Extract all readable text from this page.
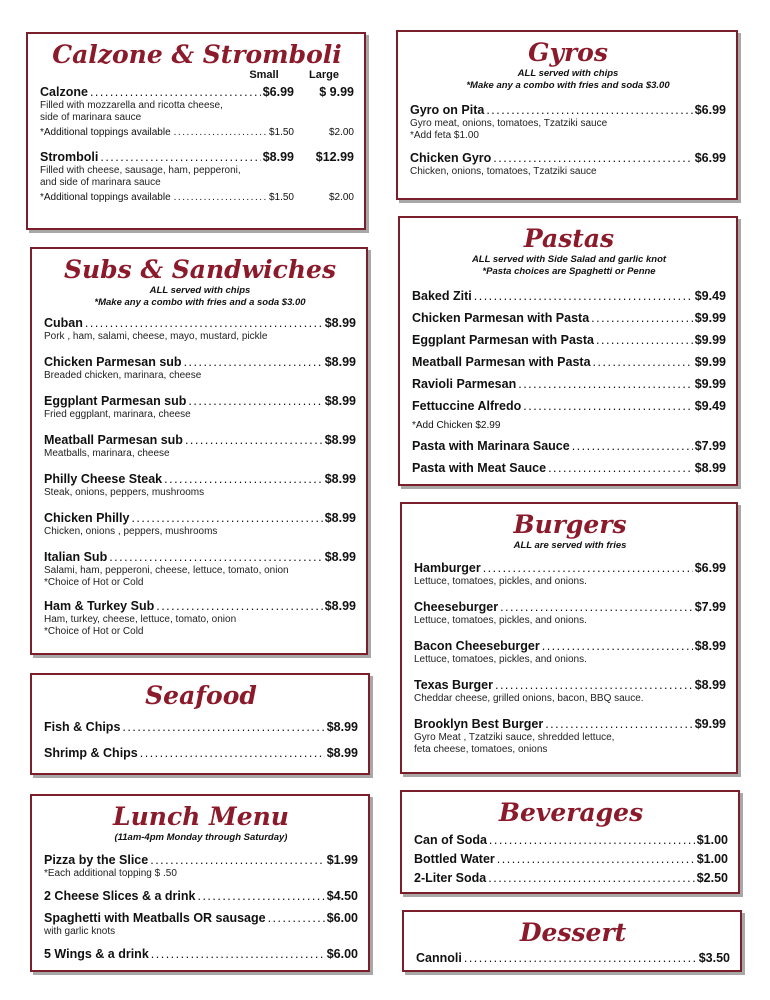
Calzone & Stromboli
Small	Large
Calzone .....	$6.99	$ 9.99
Filled with mozzarella and ricotta cheese,
side of marinara sauce
*Additional toppings available .....	$1.50	$2.00
Stromboli .....	$8.99	$12.99
Filled with cheese, sausage, ham, pepperoni,
and side of marinara sauce
*Additional toppings available .....	$1.50	$2.00
Subs & Sandwiches
ALL served with chips
*Make any a combo with fries and a soda $3.00
Cuban .....	$8.99
Pork , ham, salami, cheese, mayo, mustard, pickle
Chicken Parmesan sub .....	$8.99
Breaded chicken, marinara, cheese
Eggplant Parmesan sub .....	$8.99
Fried eggplant, marinara, cheese
Meatball Parmesan sub .....	$8.99
Meatballs, marinara, cheese
Philly Cheese Steak .....	$8.99
Steak, onions, peppers, mushrooms
Chicken Philly .....	$8.99
Chicken, onions , peppers, mushrooms
Italian Sub .....	$8.99
Salami, ham, pepperoni, cheese, lettuce, tomato, onion
*Choice of Hot or Cold
Ham & Turkey Sub .....	$8.99
Ham, turkey, cheese, lettuce, tomato, onion
*Choice of Hot or Cold
Seafood
Fish & Chips .....	$8.99
Shrimp & Chips .....	$8.99
Lunch Menu
(11am-4pm Monday through Saturday)
Pizza by the Slice .....	$1.99
*Each additional topping $ .50
2 Cheese Slices & a drink .....	$4.50
Spaghetti with Meatballs OR sausage .....	$6.00
with garlic knots
5 Wings & a drink .....	$6.00
Gyros
ALL served with chips
*Make any a combo with fries and soda $3.00
Gyro on Pita .....	$6.99
Gyro meat, onions, tomatoes, Tzatziki sauce
*Add feta $1.00
Chicken Gyro .....	$6.99
Chicken, onions, tomatoes, Tzatziki sauce
Pastas
ALL served with Side Salad and garlic knot
*Pasta choices are Spaghetti or Penne
Baked Ziti .....	$9.49
Chicken Parmesan with Pasta .....	$9.99
Eggplant Parmesan with Pasta .....	$9.99
Meatball Parmesan with Pasta .....	$9.99
Ravioli Parmesan .....	$9.99
Fettuccine Alfredo .....	$9.49
*Add Chicken $2.99
Pasta with Marinara Sauce .....	$7.99
Pasta with Meat Sauce .....	$8.99
Burgers
ALL are served with fries
Hamburger .....	$6.99
Lettuce, tomatoes, pickles, and onions.
Cheeseburger .....	$7.99
Lettuce, tomatoes, pickles, and onions.
Bacon Cheeseburger .....	$8.99
Lettuce, tomatoes, pickles, and onions.
Texas Burger .....	$8.99
Cheddar cheese, grilled onions, bacon, BBQ sauce.
Brooklyn Best Burger .....	$9.99
Gyro Meat , Tzatziki sauce, shredded lettuce,
feta cheese, tomatoes, onions
Beverages
Can of Soda .....	$1.00
Bottled Water .....	$1.00
2-Liter Soda .....	$2.50
Dessert
Cannoli .....	$3.50
